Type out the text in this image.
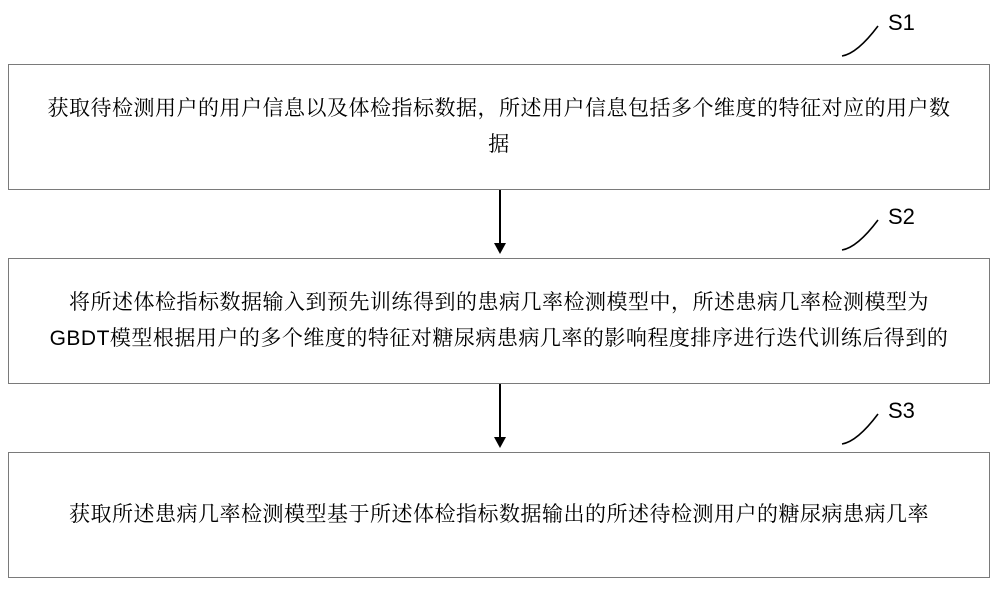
S1
获取待检测用户的用户信息以及体检指标数据，所述用户信息包括多个维度的特征对应的用户数据
S2
将所述体检指标数据输入到预先训练得到的患病几率检测模型中，所述患病几率检测模型为GBDT模型根据用户的多个维度的特征对糖尿病患病几率的影响程度排序进行迭代训练后得到的
S3
获取所述患病几率检测模型基于所述体检指标数据输出的所述待检测用户的糖尿病患病几率
